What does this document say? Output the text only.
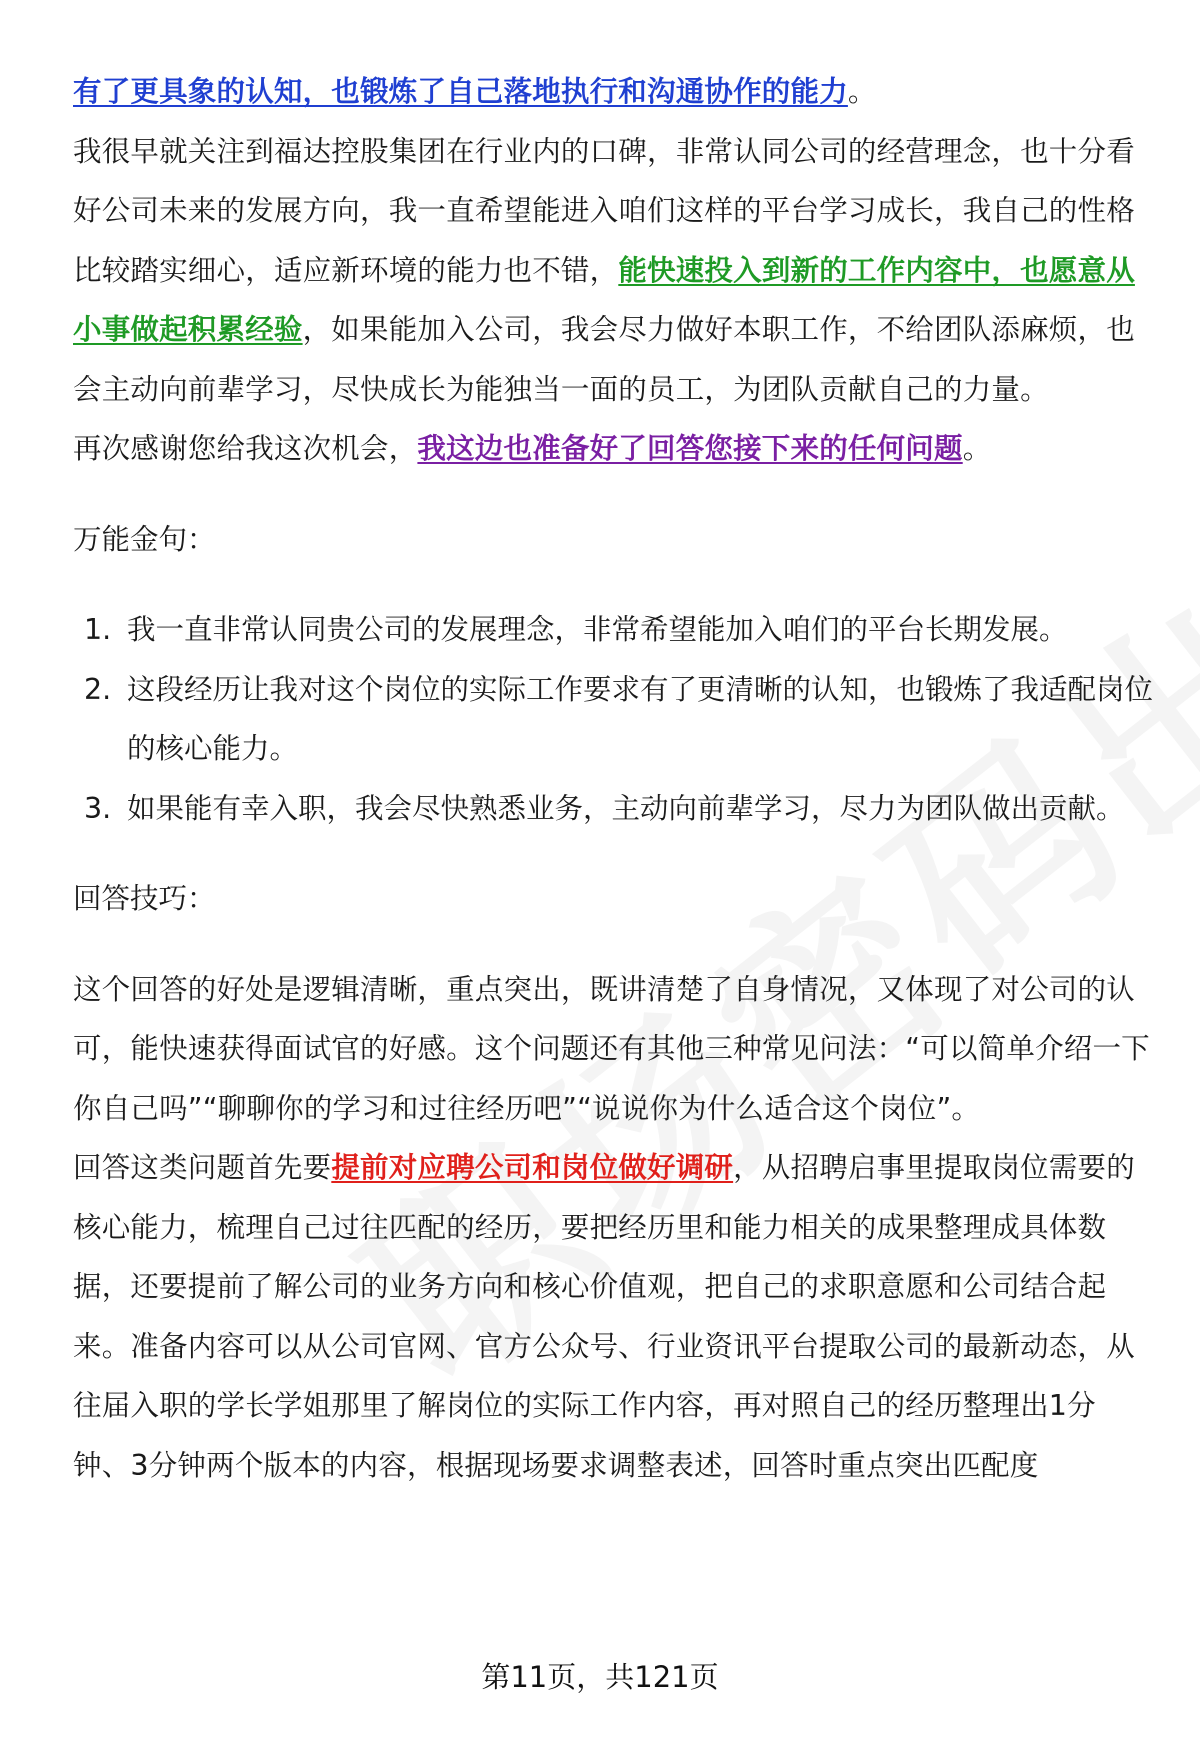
有了更具象的认知，也锻炼了自己落地执行和沟通协作的能力。

我很早就关注到福达控股集团在行业内的口碑，非常认同公司的经营理念，也十分看好公司未来的发展方向，我一直希望能进入咱们这样的平台学习成长，我自己的性格比较踏实细心，适应新环境的能力也不错，能快速投入到新的工作内容中，也愿意从小事做起积累经验，如果能加入公司，我会尽力做好本职工作，不给团队添麻烦，也会主动向前辈学习，尽快成长为能独当一面的员工，为团队贡献自己的力量。

再次感谢您给我这次机会，我这边也准备好了回答您接下来的任何问题。

万能金句：

1. 我一直非常认同贵公司的发展理念，非常希望能加入咱们的平台长期发展。
2. 这段经历让我对这个岗位的实际工作要求有了更清晰的认知，也锻炼了我适配岗位的核心能力。
3. 如果能有幸入职，我会尽快熟悉业务，主动向前辈学习，尽力为团队做出贡献。

回答技巧：

这个回答的好处是逻辑清晰，重点突出，既讲清楚了自身情况，又体现了对公司的认可，能快速获得面试官的好感。这个问题还有其他三种常见问法：“可以简单介绍一下你自己吗”“聊聊你的学习和过往经历吧”“说说你为什么适合这个岗位”。

回答这类问题首先要提前对应聘公司和岗位做好调研，从招聘启事里提取岗位需要的核心能力，梳理自己过往匹配的经历，要把经历里和能力相关的成果整理成具体数据，还要提前了解公司的业务方向和核心价值观，把自己的求职意愿和公司结合起来。准备内容可以从公司官网、官方公众号、行业资讯平台提取公司的最新动态，从往届入职的学长学姐那里了解岗位的实际工作内容，再对照自己的经历整理出1分钟、3分钟两个版本的内容，根据现场要求调整表述，回答时重点突出匹配度

第11页，共121页
